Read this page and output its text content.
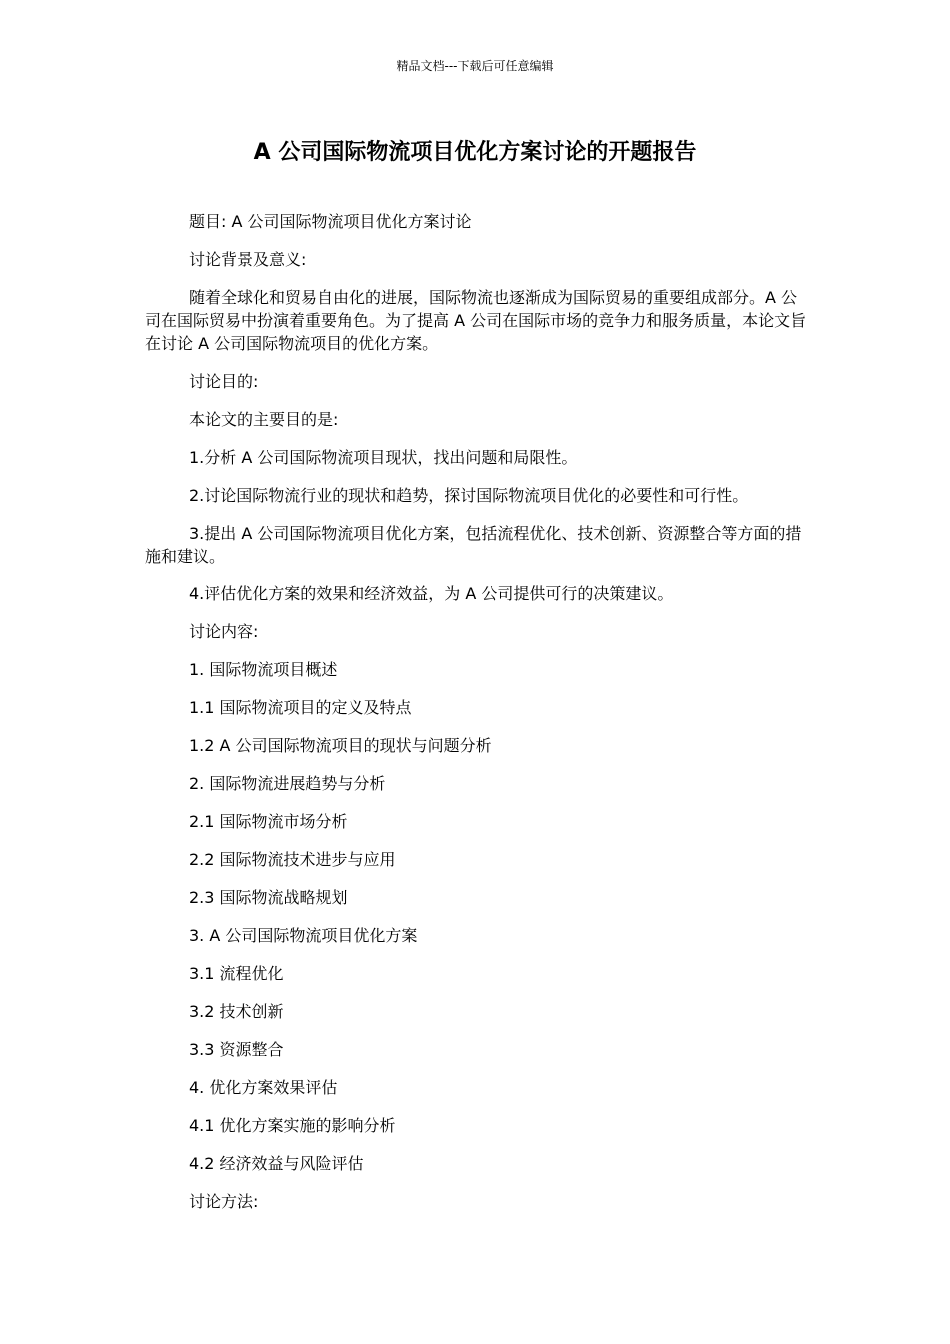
精品文档---下载后可任意编辑
A 公司国际物流项目优化方案讨论的开题报告

题目: A 公司国际物流项目优化方案讨论

讨论背景及意义:

随着全球化和贸易自由化的进展，国际物流也逐渐成为国际贸易的重要组成部分。A 公司在国际贸易中扮演着重要角色。为了提高 A 公司在国际市场的竞争力和服务质量，本论文旨在讨论 A 公司国际物流项目的优化方案。

讨论目的:

本论文的主要目的是:

1.分析 A 公司国际物流项目现状，找出问题和局限性。

2.讨论国际物流行业的现状和趋势，探讨国际物流项目优化的必要性和可行性。

3.提出 A 公司国际物流项目优化方案，包括流程优化、技术创新、资源整合等方面的措施和建议。

4.评估优化方案的效果和经济效益，为 A 公司提供可行的决策建议。

讨论内容:

1. 国际物流项目概述

1.1 国际物流项目的定义及特点

1.2 A 公司国际物流项目的现状与问题分析

2. 国际物流进展趋势与分析

2.1 国际物流市场分析

2.2 国际物流技术进步与应用

2.3 国际物流战略规划

3. A 公司国际物流项目优化方案

3.1 流程优化

3.2 技术创新

3.3 资源整合

4. 优化方案效果评估

4.1 优化方案实施的影响分析

4.2 经济效益与风险评估

讨论方法:
